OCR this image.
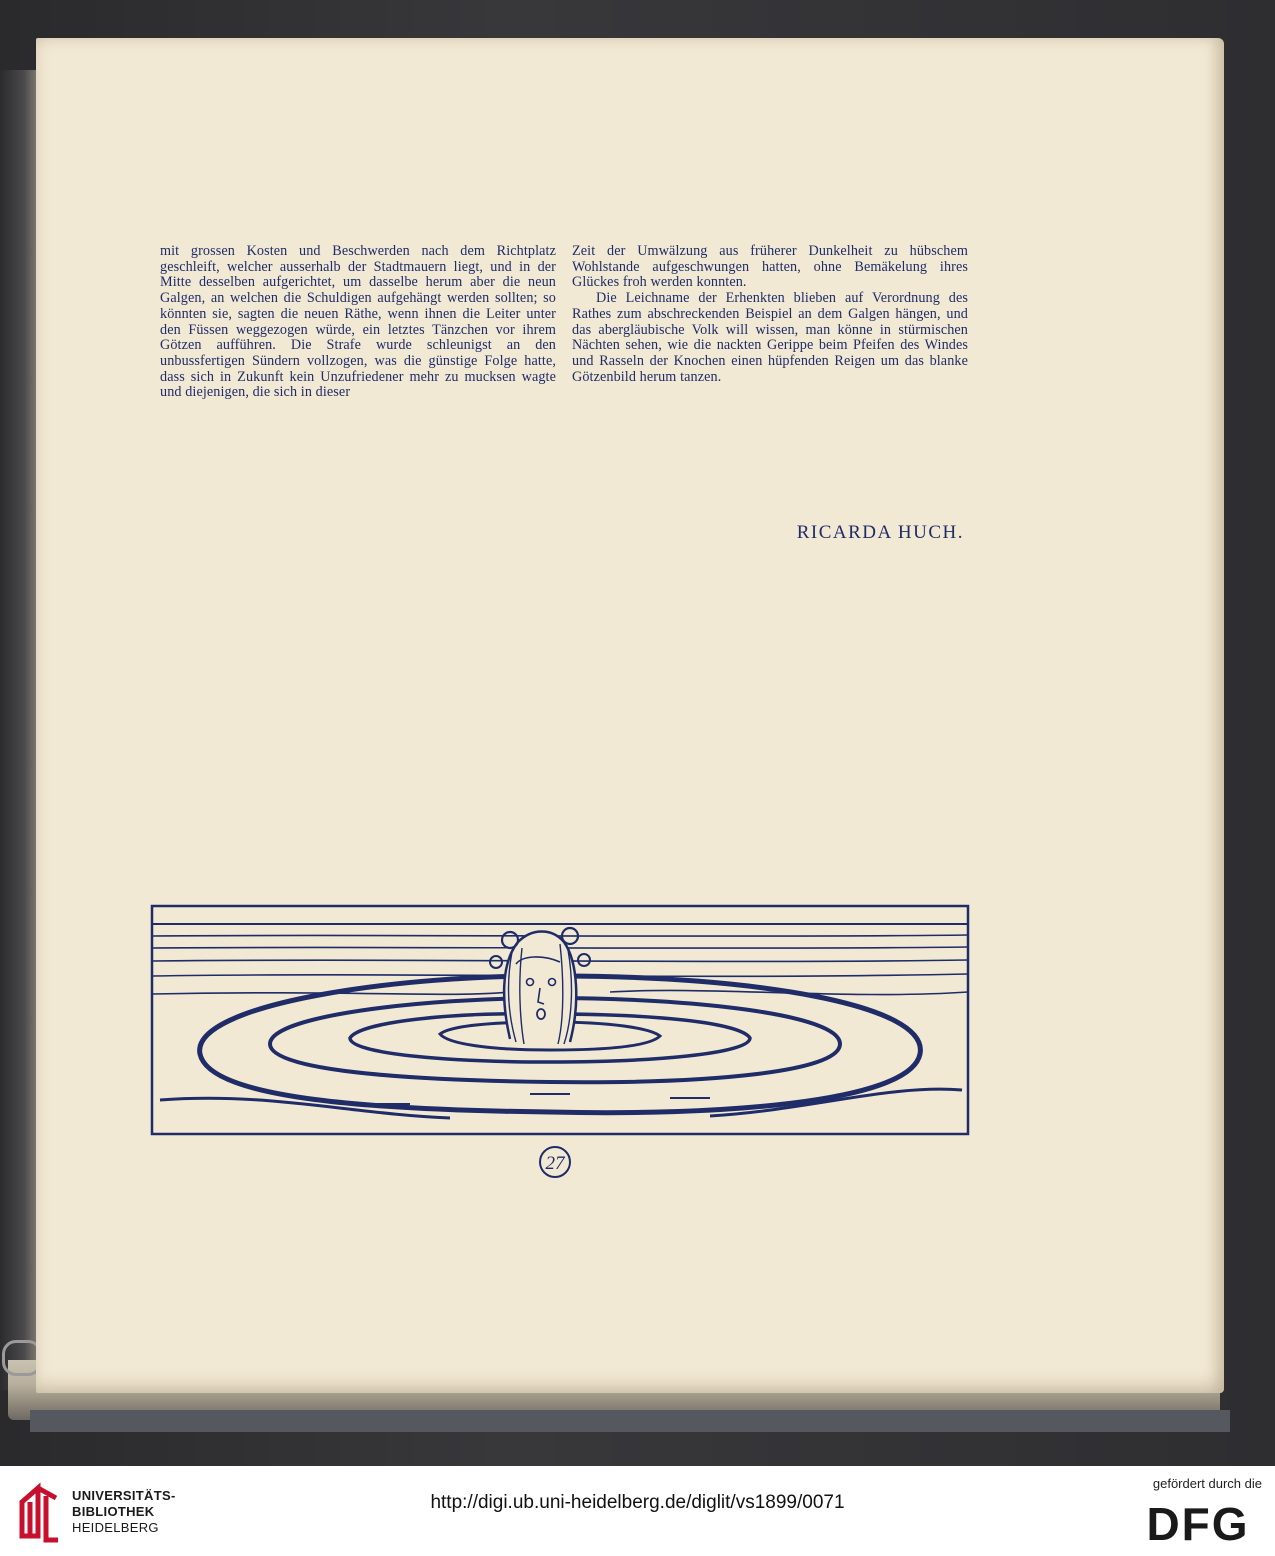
mit grossen Kosten und Beschwerden nach dem Richtplatz geschleift, welcher ausserhalb der Stadtmauern liegt, und in der Mitte desselben aufgerichtet, um dasselbe herum aber die neun Galgen, an welchen die Schuldigen aufgehängt werden sollten; so könnten sie, sagten die neuen Räthe, wenn ihnen die Leiter unter den Füssen weggezogen würde, ein letztes Tänzchen vor ihrem Götzen aufführen. Die Strafe wurde schleunigst an den unbussfertigen Sündern vollzogen, was die günstige Folge hatte, dass sich in Zukunft kein Unzufriedener mehr zu mucksen wagte und diejenigen, die sich in dieser

Zeit der Umwälzung aus früherer Dunkelheit zu hübschem Wohlstande aufgeschwungen hatten, ohne Bemäkelung ihres Glückes froh werden konnten.

Die Leichname der Erhenkten blieben auf Verordnung des Rathes zum abschreckenden Beispiel an dem Galgen hängen, und das abergläubische Volk will wissen, man könne in stürmischen Nächten sehen, wie die nackten Gerippe beim Pfeifen des Windes und Rasseln der Knochen einen hüpfenden Reigen um das blanke Götzenbild herum tanzen.

RICARDA HUCH.
27
UNIVERSITÄTS-
BIBLIOTHEK
HEIDELBERG
http://digi.ub.uni-heidelberg.de/diglit/vs1899/0071
gefördert durch die
DFG
